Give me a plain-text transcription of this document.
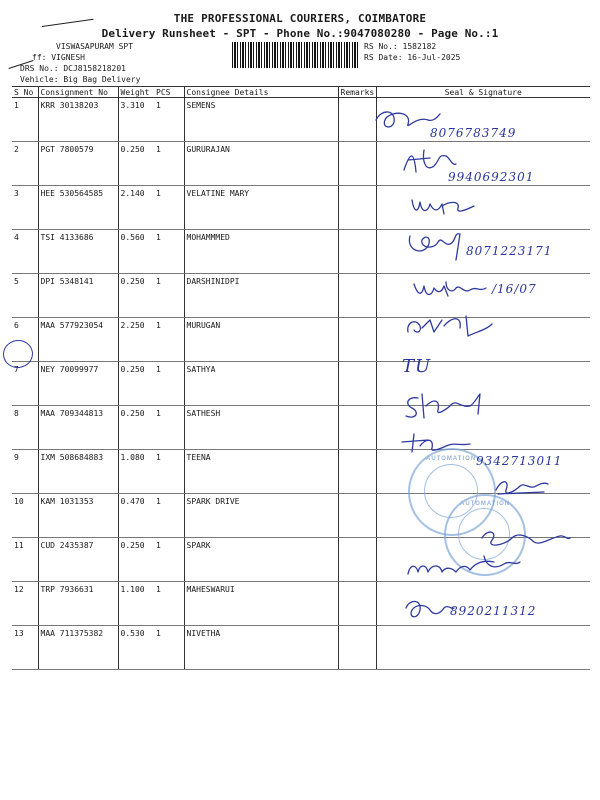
THE PROFESSIONAL COURIERS, COIMBATORE
Delivery Runsheet - SPT - Phone No.:9047080280 - Page No.:1
VISWASAPURAM SPT
ff: VIGNESH
DRS No.: DCJ8158218201
Vehicle: Big Bag Delivery
RS No.: 1582182
RS Date: 16-Jul-2025
S No	Consignment No	Weight	PCS	Consignee Details	Remarks	Seal & Signature
1	KRR 30138203	3.310	1	SEMENS		
2	PGT 7800579	0.250	1	GURURAJAN		
3	HEE 530564585	2.140	1	VELATINE MARY		
4	TSI 4133686	0.560	1	MOHAMMMED		
5	DPI 5348141	0.250	1	DARSHINIDPI		
6	MAA 577923054	2.250	1	MURUGAN		
7	NEY 70099977	0.250	1	SATHYA		
8	MAA 709344813	0.250	1	SATHESH		
9	IXM 508684883	1.080	1	TEENA		
10	KAM 1031353	0.470	1	SPARK DRIVE		
11	CUD 2435387	0.250	1	SPARK		
12	TRP 7936631	1.100	1	MAHESWARUI		
13	MAA 711375382	0.530	1	NIVETHA		
AUTOMATION
AUTOMATION
8076783749
9940692301
8071223171
/16/07
TU
9342713011
8920211312
